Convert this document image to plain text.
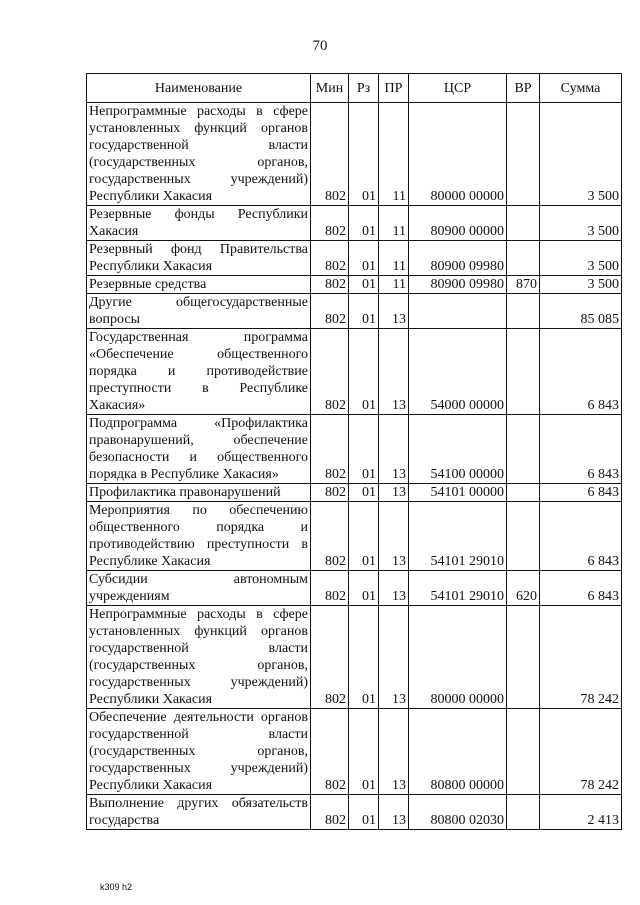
70
Наименование	Мин	Рз	ПР	ЦСР	ВР	Сумма
Непрограммные расходы в сфере установленных функций органов государственной власти (государственных органов, государственных учреждений) Республики Хакасия	802	01	11	80000 00000		3 500
Резервные фонды Республики Хакасия	802	01	11	80900 00000		3 500
Резервный фонд Правительства Республики Хакасия	802	01	11	80900 09980		3 500
Резервные средства	802	01	11	80900 09980	870	3 500
Другие общегосударственные вопросы	802	01	13			85 085
Государственная программа «Обеспечение общественного порядка и противодействие преступности в Республике Хакасия»	802	01	13	54000 00000		6 843
Подпрограмма «Профилактика правонарушений, обеспечение безопасности и общественного порядка в Республике Хакасия»	802	01	13	54100 00000		6 843
Профилактика правонарушений	802	01	13	54101 00000		6 843
Мероприятия по обеспечению общественного порядка и противодействию преступности в Республике Хакасия	802	01	13	54101 29010		6 843
Субсидии автономным учреждениям	802	01	13	54101 29010	620	6 843
Непрограммные расходы в сфере установленных функций органов государственной власти (государственных органов, государственных учреждений) Республики Хакасия	802	01	13	80000 00000		78 242
Обеспечение деятельности органов государственной власти (государственных органов, государственных учреждений) Республики Хакасия	802	01	13	80800 00000		78 242
Выполнение других обязательств государства	802	01	13	80800 02030		2 413
k309 h2
